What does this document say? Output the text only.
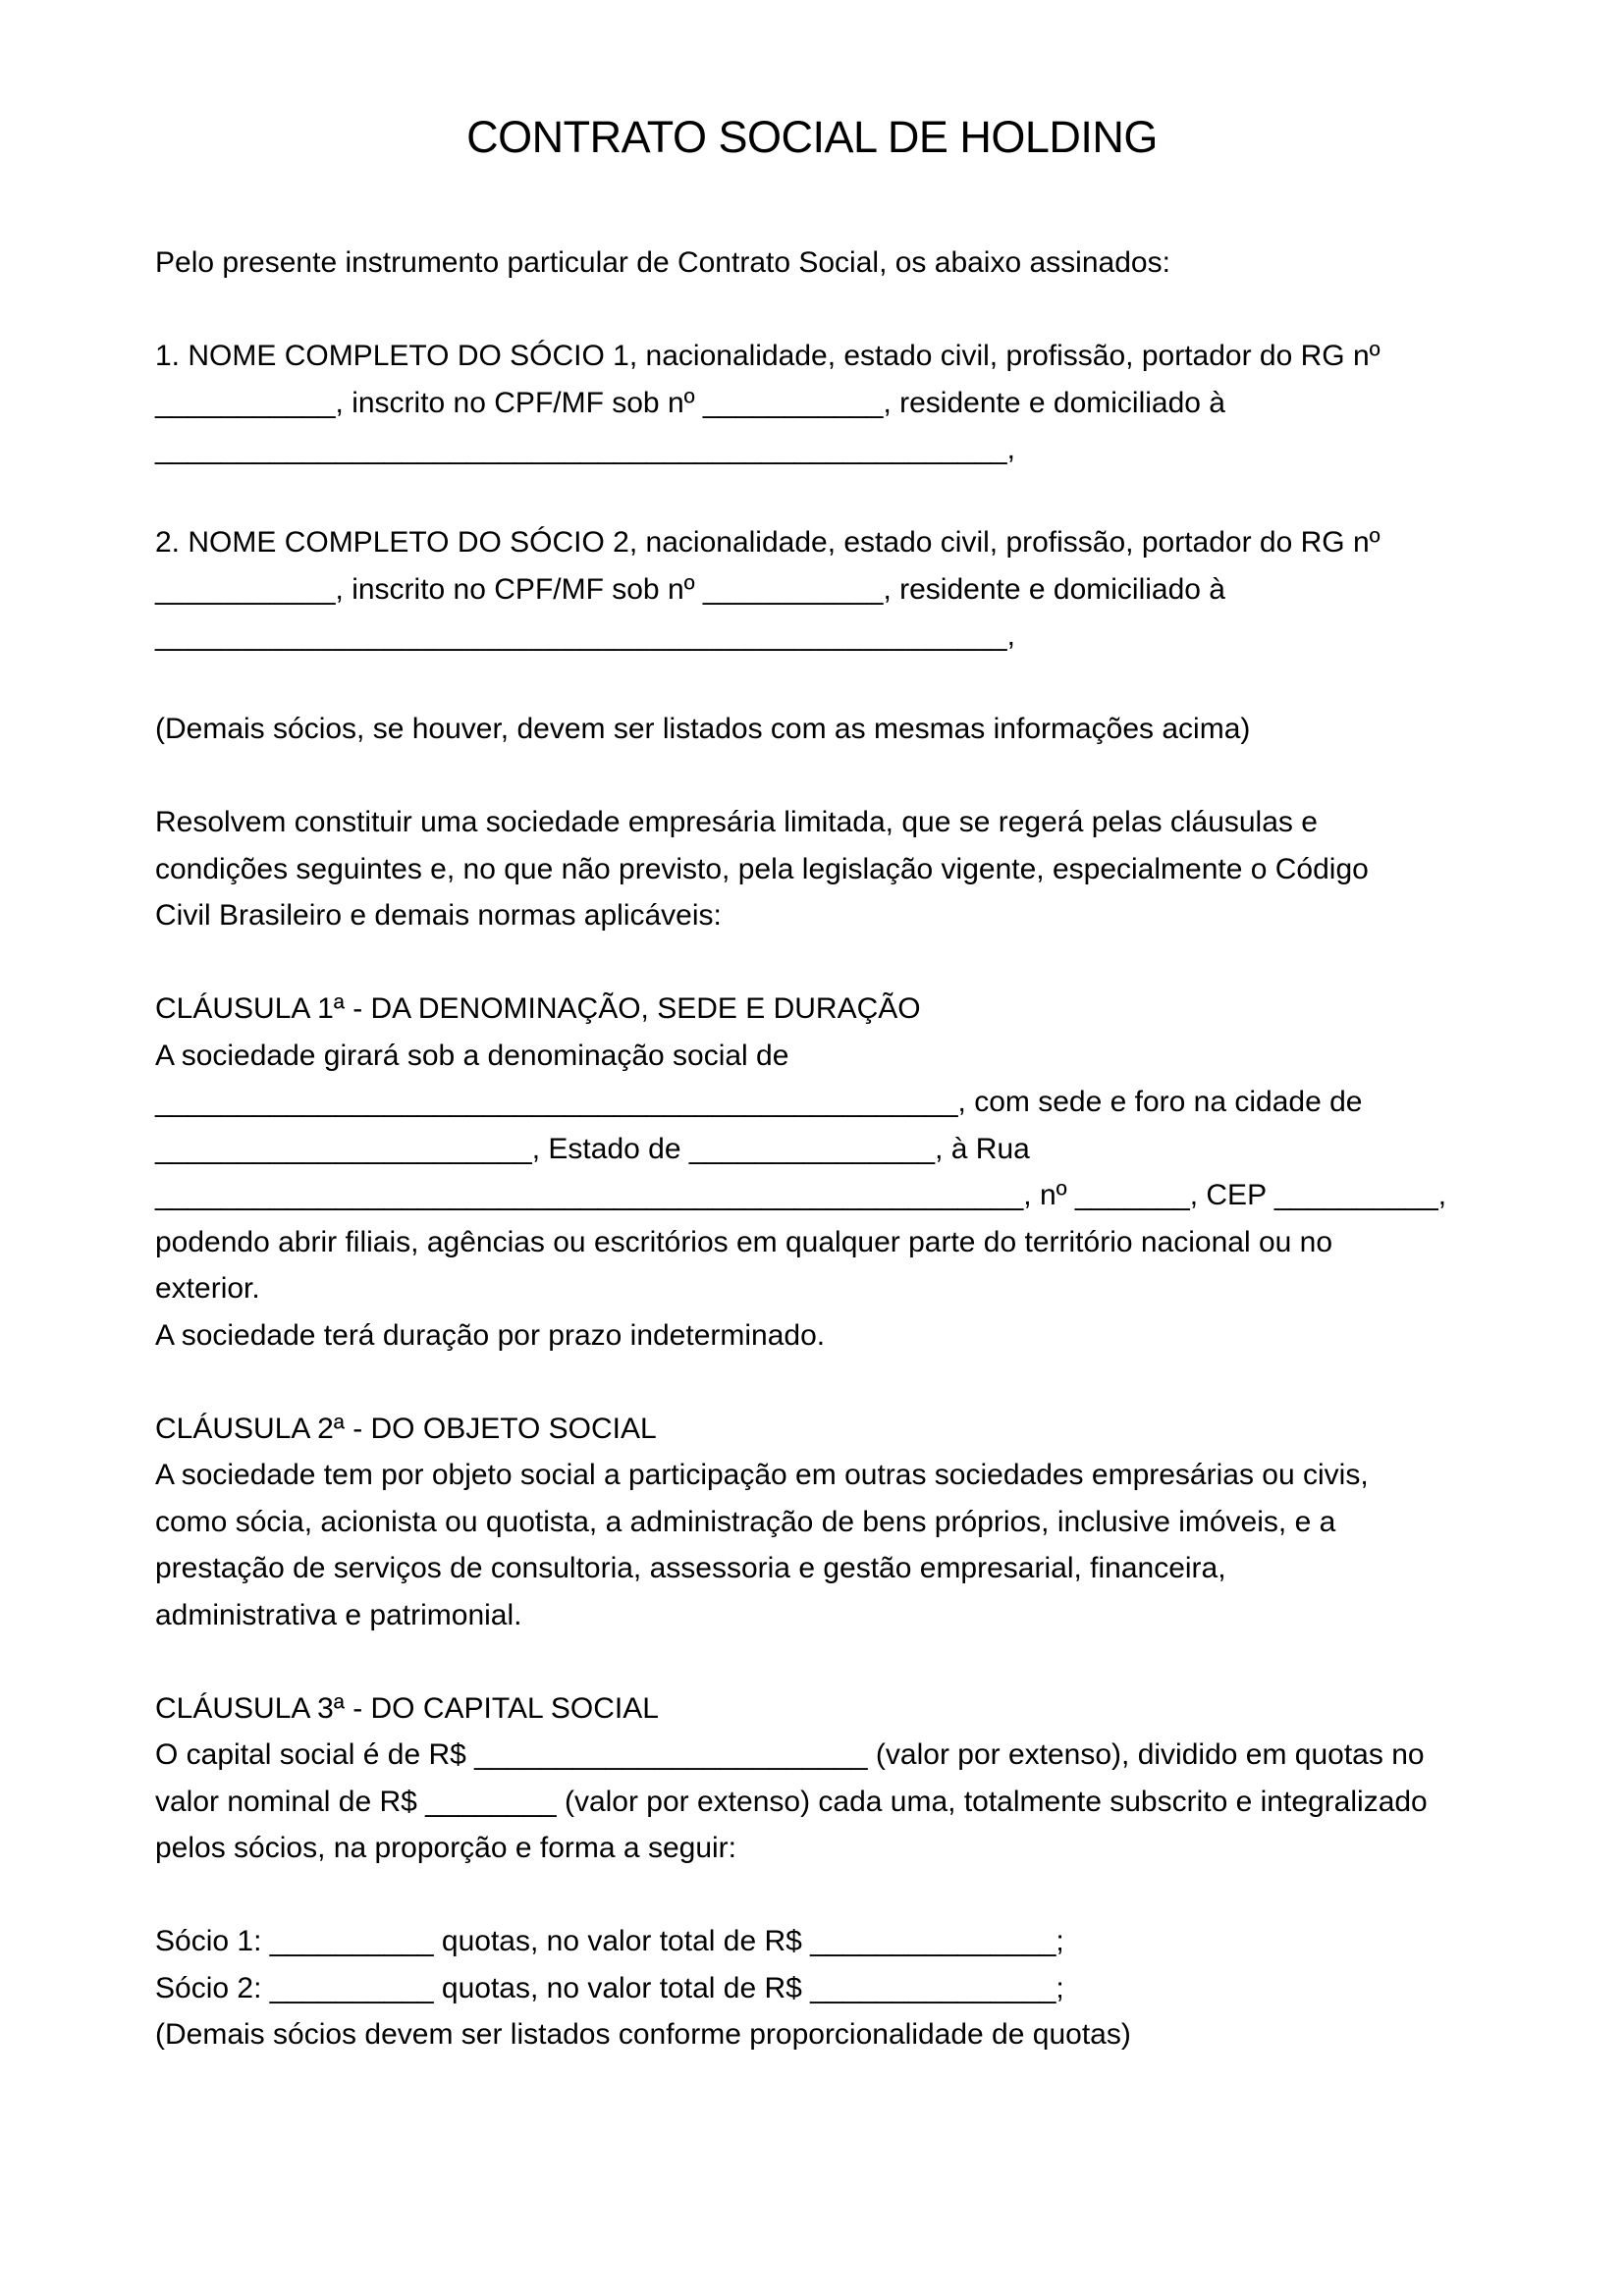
CONTRATO SOCIAL DE HOLDING
Pelo presente instrumento particular de Contrato Social, os abaixo assinados:
1. NOME COMPLETO DO SÓCIO 1, nacionalidade, estado civil, profissão, portador do RG nº
___________, inscrito no CPF/MF sob nº ___________, residente e domiciliado à
____________________________________________________,
2. NOME COMPLETO DO SÓCIO 2, nacionalidade, estado civil, profissão, portador do RG nº
___________, inscrito no CPF/MF sob nº ___________, residente e domiciliado à
____________________________________________________,
(Demais sócios, se houver, devem ser listados com as mesmas informações acima)
Resolvem constituir uma sociedade empresária limitada, que se regerá pelas cláusulas e
condições seguintes e, no que não previsto, pela legislação vigente, especialmente o Código
Civil Brasileiro e demais normas aplicáveis:
CLÁUSULA 1ª - DA DENOMINAÇÃO, SEDE E DURAÇÃO
A sociedade girará sob a denominação social de
_________________________________________________, com sede e foro na cidade de
_______________________, Estado de _______________, à Rua
_____________________________________________________, nº _______, CEP __________,
podendo abrir filiais, agências ou escritórios em qualquer parte do território nacional ou no
exterior.
A sociedade terá duração por prazo indeterminado.
CLÁUSULA 2ª - DO OBJETO SOCIAL
A sociedade tem por objeto social a participação em outras sociedades empresárias ou civis,
como sócia, acionista ou quotista, a administração de bens próprios, inclusive imóveis, e a
prestação de serviços de consultoria, assessoria e gestão empresarial, financeira,
administrativa e patrimonial.
CLÁUSULA 3ª - DO CAPITAL SOCIAL
O capital social é de R$ ________________________ (valor por extenso), dividido em quotas no
valor nominal de R$ ________ (valor por extenso) cada uma, totalmente subscrito e integralizado
pelos sócios, na proporção e forma a seguir:
Sócio 1: __________ quotas, no valor total de R$ _______________;
Sócio 2: __________ quotas, no valor total de R$ _______________;
(Demais sócios devem ser listados conforme proporcionalidade de quotas)
